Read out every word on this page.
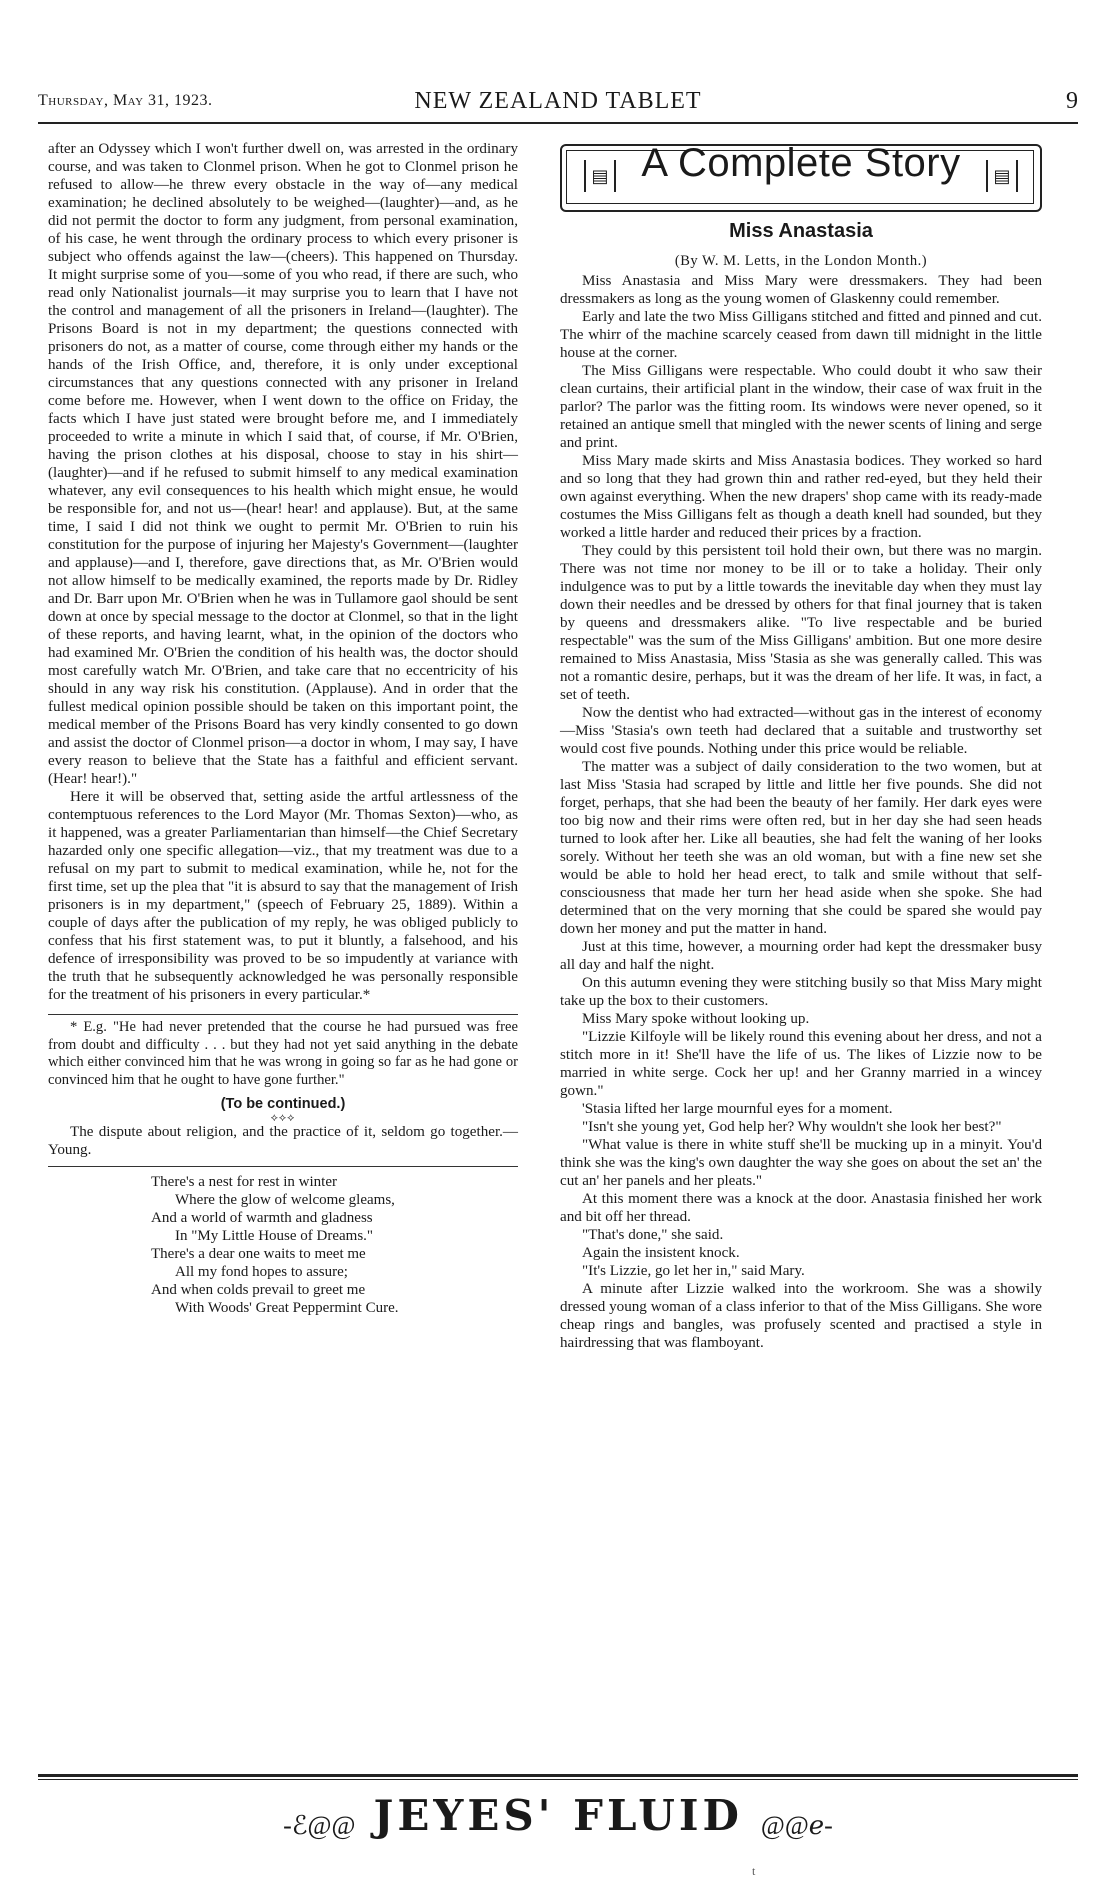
Thursday, May 31, 1923.	NEW ZEALAND TABLET	9

after an Odyssey which I won't further dwell on, was arrested in the ordinary course, and was taken to Clonmel prison. When he got to Clonmel prison he refused to allow—he threw every obstacle in the way of—any medical examination; he declined absolutely to be weighed—(laughter)—and, as he did not permit the doctor to form any judgment, from personal examination, of his case, he went through the ordinary process to which every prisoner is subject who offends against the law—(cheers). This happened on Thursday. It might surprise some of you—some of you who read, if there are such, who read only Nationalist journals—it may surprise you to learn that I have not the control and management of all the prisoners in Ireland—(laughter). The Prisons Board is not in my department; the questions connected with prisoners do not, as a matter of course, come through either my hands or the hands of the Irish Office, and, therefore, it is only under exceptional circumstances that any questions connected with any prisoner in Ireland come before me. However, when I went down to the office on Friday, the facts which I have just stated were brought before me, and I immediately proceeded to write a minute in which I said that, of course, if Mr. O'Brien, having the prison clothes at his disposal, choose to stay in his shirt—(laughter)—and if he refused to submit himself to any medical examination whatever, any evil consequences to his health which might ensue, he would be responsible for, and not us—(hear! hear! and applause). But, at the same time, I said I did not think we ought to permit Mr. O'Brien to ruin his constitution for the purpose of injuring her Majesty's Government—(laughter and applause)—and I, therefore, gave directions that, as Mr. O'Brien would not allow himself to be medically examined, the reports made by Dr. Ridley and Dr. Barr upon Mr. O'Brien when he was in Tullamore gaol should be sent down at once by special message to the doctor at Clonmel, so that in the light of these reports, and having learnt, what, in the opinion of the doctors who had examined Mr. O'Brien the condition of his health was, the doctor should most carefully watch Mr. O'Brien, and take care that no eccentricity of his should in any way risk his constitution. (Applause). And in order that the fullest medical opinion possible should be taken on this important point, the medical member of the Prisons Board has very kindly consented to go down and assist the doctor of Clonmel prison—a doctor in whom, I may say, I have every reason to believe that the State has a faithful and efficient servant. (Hear! hear!)."

Here it will be observed that, setting aside the artful artlessness of the contemptuous references to the Lord Mayor (Mr. Thomas Sexton)—who, as it happened, was a greater Parliamentarian than himself—the Chief Secretary hazarded only one specific allegation—viz., that my treatment was due to a refusal on my part to submit to medical examination, while he, not for the first time, set up the plea that "it is absurd to say that the management of Irish prisoners is in my department," (speech of February 25, 1889). Within a couple of days after the publication of my reply, he was obliged publicly to confess that his first statement was, to put it bluntly, a falsehood, and his defence of irresponsibility was proved to be so impudently at variance with the truth that he subsequently acknowledged he was personally responsible for the treatment of his prisoners in every particular.*

* E.g. "He had never pretended that the course he had pursued was free from doubt and difficulty . . . but they had not yet said anything in the debate which either convinced him that he was wrong in going so far as he had gone or convinced him that he ought to have gone further."

(To be continued.)
⟡⟡⟡

The dispute about religion, and the practice of it, seldom go together.—Young.

There's a nest for rest in winter
Where the glow of welcome gleams,
And a world of warmth and gladness
In "My Little House of Dreams."
There's a dear one waits to meet me
All my fond hopes to assure;
And when colds prevail to greet me
With Woods' Great Peppermint Cure.
▤	▤
A Complete Story
Miss Anastasia
(By W. M. Letts, in the London Month.)

Miss Anastasia and Miss Mary were dressmakers. They had been dressmakers as long as the young women of Glaskenny could remember.

Early and late the two Miss Gilligans stitched and fitted and pinned and cut. The whirr of the machine scarcely ceased from dawn till midnight in the little house at the corner.

The Miss Gilligans were respectable. Who could doubt it who saw their clean curtains, their artificial plant in the window, their case of wax fruit in the parlor? The parlor was the fitting room. Its windows were never opened, so it retained an antique smell that mingled with the newer scents of lining and serge and print.

Miss Mary made skirts and Miss Anastasia bodices. They worked so hard and so long that they had grown thin and rather red-eyed, but they held their own against everything. When the new drapers' shop came with its ready-made costumes the Miss Gilligans felt as though a death knell had sounded, but they worked a little harder and reduced their prices by a fraction.

They could by this persistent toil hold their own, but there was no margin. There was not time nor money to be ill or to take a holiday. Their only indulgence was to put by a little towards the inevitable day when they must lay down their needles and be dressed by others for that final journey that is taken by queens and dressmakers alike. "To live respectable and be buried respectable" was the sum of the Miss Gilligans' ambition. But one more desire remained to Miss Anastasia, Miss 'Stasia as she was generally called. This was not a romantic desire, perhaps, but it was the dream of her life. It was, in fact, a set of teeth.

Now the dentist who had extracted—without gas in the interest of economy—Miss 'Stasia's own teeth had declared that a suitable and trustworthy set would cost five pounds. Nothing under this price would be reliable.

The matter was a subject of daily consideration to the two women, but at last Miss 'Stasia had scraped by little and little her five pounds. She did not forget, perhaps, that she had been the beauty of her family. Her dark eyes were too big now and their rims were often red, but in her day she had seen heads turned to look after her. Like all beauties, she had felt the waning of her looks sorely. Without her teeth she was an old woman, but with a fine new set she would be able to hold her head erect, to talk and smile without that self-consciousness that made her turn her head aside when she spoke. She had determined that on the very morning that she could be spared she would pay down her money and put the matter in hand.

Just at this time, however, a mourning order had kept the dressmaker busy all day and half the night.

On this autumn evening they were stitching busily so that Miss Mary might take up the box to their customers.

Miss Mary spoke without looking up.

"Lizzie Kilfoyle will be likely round this evening about her dress, and not a stitch more in it! She'll have the life of us. The likes of Lizzie now to be married in white serge. Cock her up! and her Granny married in a wincey gown."

'Stasia lifted her large mournful eyes for a moment.

"Isn't she young yet, God help her? Why wouldn't she look her best?"

"What value is there in white stuff she'll be mucking up in a minyit. You'd think she was the king's own daughter the way she goes on about the set an' the cut an' her panels and her pleats."

At this moment there was a knock at the door. Anastasia finished her work and bit off her thread.

"That's done," she said.

Again the insistent knock.

"It's Lizzie, go let her in," said Mary.

A minute after Lizzie walked into the workroom. She was a showily dressed young woman of a class inferior to that of the Miss Gilligans. She wore cheap rings and bangles, was profusely scented and practised a style in hairdressing that was flamboyant.

-ℰ@@ JEYES' FLUID @@ℯ-
t
